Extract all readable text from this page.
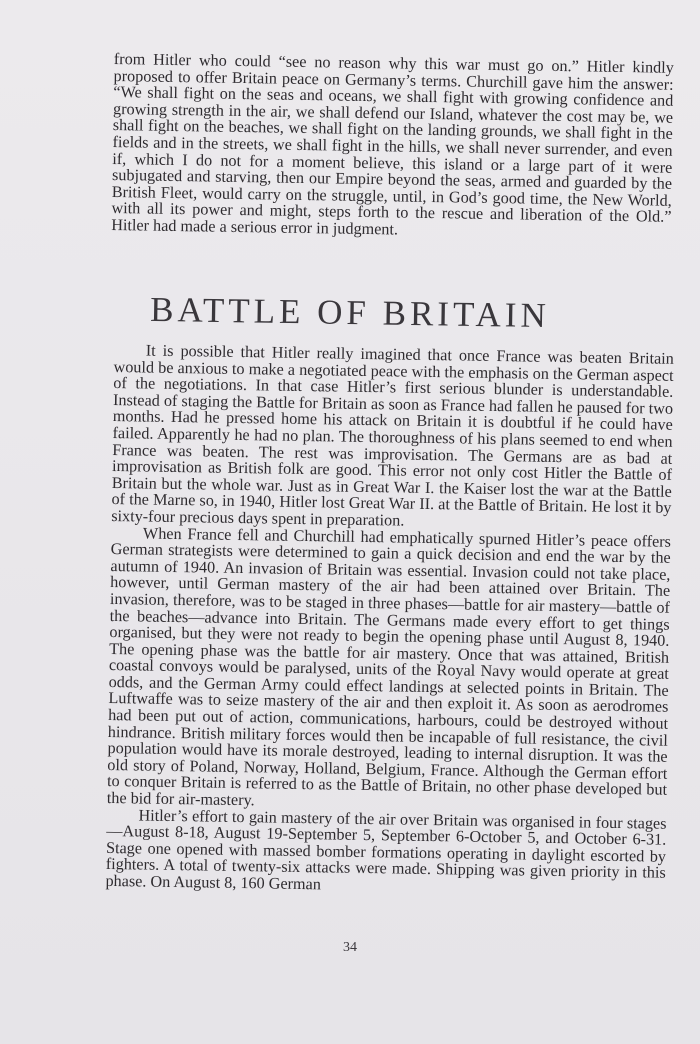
from Hitler who could “see no reason why this war must go on.” Hitler kindly proposed to offer Britain peace on Germany’s terms. Churchill gave him the answer: “We shall fight on the seas and oceans, we shall fight with growing confidence and growing strength in the air, we shall defend our Island, whatever the cost may be, we shall fight on the beaches, we shall fight on the landing grounds, we shall fight in the fields and in the streets, we shall fight in the hills, we shall never surrender, and even if, which I do not for a moment believe, this island or a large part of it were subjugated and starving, then our Empire beyond the seas, armed and guarded by the British Fleet, would carry on the struggle, until, in God’s good time, the New World, with all its power and might, steps forth to the rescue and liberation of the Old.” Hitler had made a serious error in judgment.

BATTLE OF BRITAIN

It is possible that Hitler really imagined that once France was beaten Britain would be anxious to make a negotiated peace with the emphasis on the German aspect of the negotiations. In that case Hitler’s first serious blunder is understandable. Instead of staging the Battle for Britain as soon as France had fallen he paused for two months. Had he pressed home his attack on Britain it is doubtful if he could have failed. Apparently he had no plan. The thoroughness of his plans seemed to end when France was beaten. The rest was improvisation. The Germans are as bad at improvisation as British folk are good. This error not only cost Hitler the Battle of Britain but the whole war. Just as in Great War I. the Kaiser lost the war at the Battle of the Marne so, in 1940, Hitler lost Great War II. at the Battle of Britain. He lost it by sixty-four precious days spent in preparation.

When France fell and Churchill had emphatically spurned Hitler’s peace offers German strategists were determined to gain a quick decision and end the war by the autumn of 1940. An invasion of Britain was essential. Invasion could not take place, however, until German mastery of the air had been attained over Britain. The invasion, therefore, was to be staged in three phases—battle for air mastery—battle of the beaches—advance into Britain. The Germans made every effort to get things organised, but they were not ready to begin the opening phase until August 8, 1940. The opening phase was the battle for air mastery. Once that was attained, British coastal convoys would be paralysed, units of the Royal Navy would operate at great odds, and the German Army could effect landings at selected points in Britain. The Luftwaffe was to seize mastery of the air and then exploit it. As soon as aerodromes had been put out of action, communications, harbours, could be destroyed without hindrance. British military forces would then be incapable of full resistance, the civil population would have its morale destroyed, leading to internal disruption. It was the old story of Poland, Norway, Holland, Belgium, France. Although the German effort to conquer Britain is referred to as the Battle of Britain, no other phase developed but the bid for air-mastery.

Hitler’s effort to gain mastery of the air over Britain was organised in four stages—August 8-18, August 19-September 5, September 6-October 5, and October 6-31. Stage one opened with massed bomber formations operating in daylight escorted by fighters. A total of twenty-six attacks were made. Shipping was given priority in this phase. On August 8, 160 German

34
